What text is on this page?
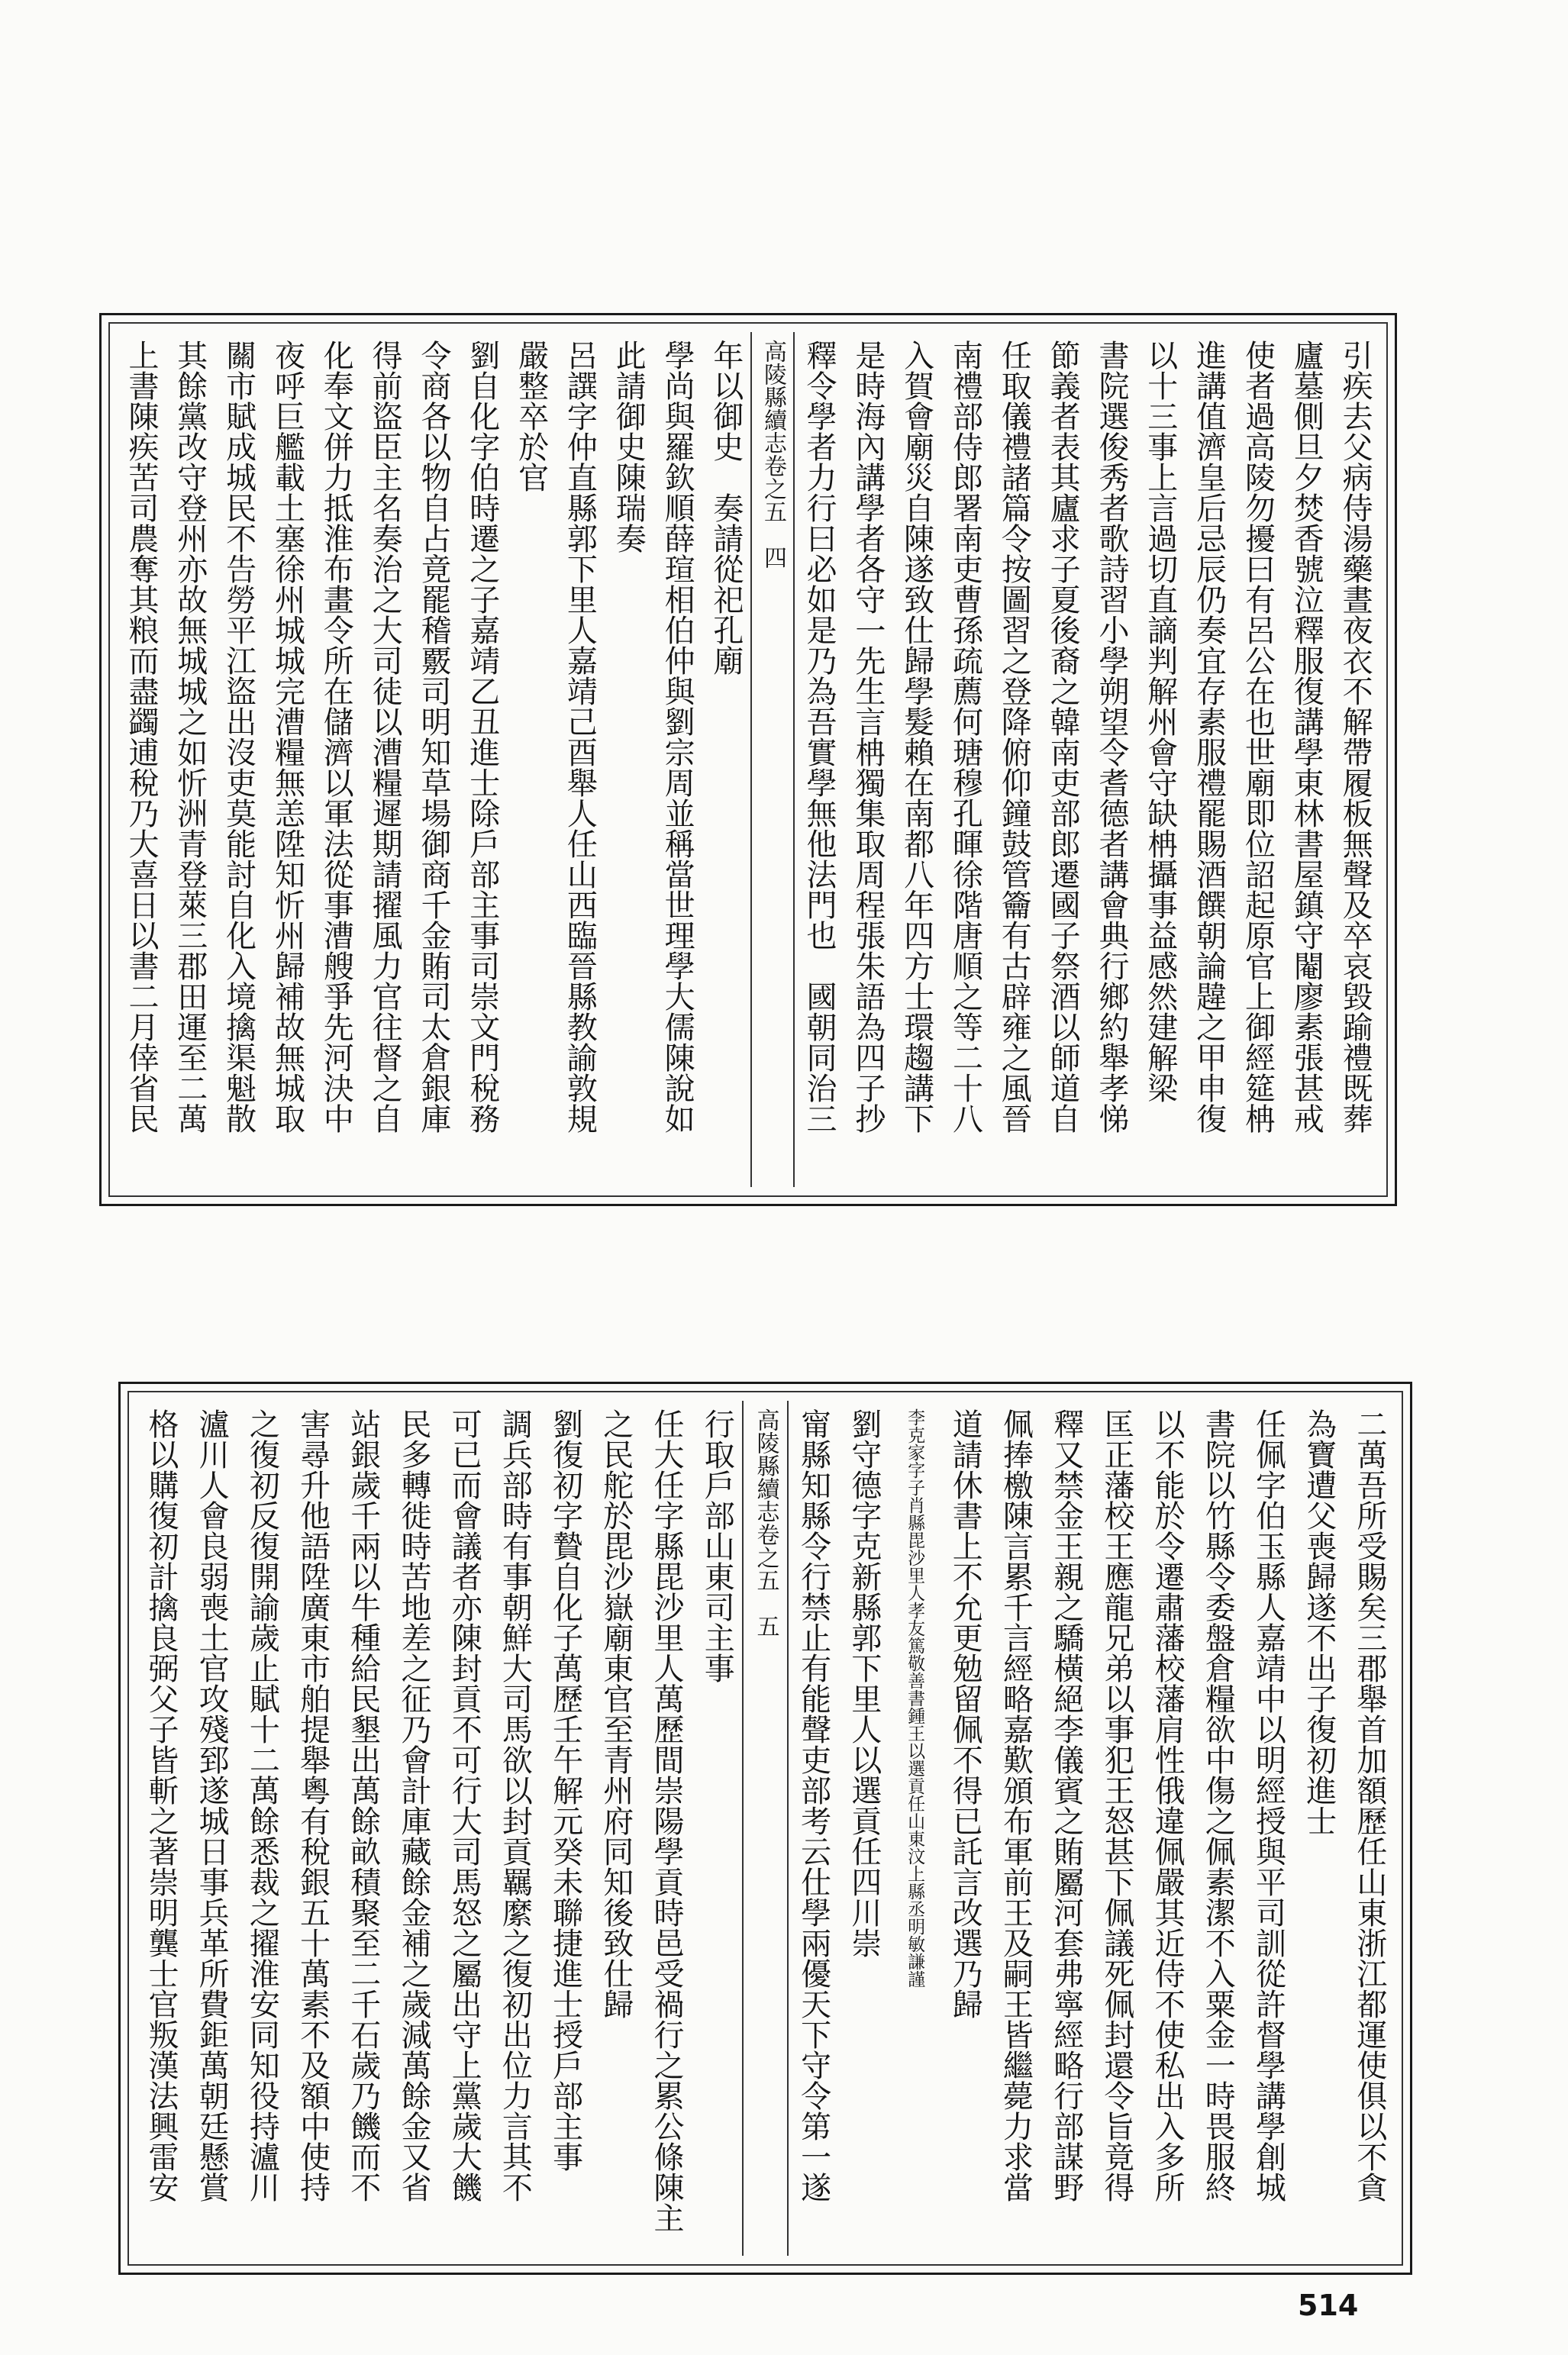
引疾去父病侍湯藥晝夜衣不解帶履板無聲及卒哀毀踰禮既葬
廬墓側旦夕焚香號泣釋服復講學東林書屋鎮守閹廖素張甚戒
使者過高陵勿擾曰有呂公在也世廟即位詔起原官上御經筵柟
進講值濟皇后忌辰仍奏宜存素服禮罷賜酒饌朝論韙之甲申復
以十三事上言過切直謫判解州會守缺柟攝事益感然建解梁
書院選俊秀者歌詩習小學朔望令耆德者講會典行鄉約舉孝悌
節義者表其廬求子夏後裔之韓南吏部郎遷國子祭酒以師道自
任取儀禮諸篇令按圖習之登降俯仰鐘鼓管籥有古辟雍之風晉
南禮部侍郎署南吏曹孫疏薦何瑭穆孔暉徐階唐順之等二十八
入賀會廟災自陳遂致仕歸學髮賴在南都八年四方士環趨講下
是時海內講學者各守一先生言柟獨集取周程張朱語為四子抄
釋令學者力行曰必如是乃為吾實學無他法門也　國朝同治三
高陵縣續志卷之五　四
年以御史　奏請從祀孔廟
學尚與羅欽順薛瑄相伯仲與劉宗周並稱當世理學大儒陳說如
此請御史陳瑞奏
呂譔字仲直縣郭下里人嘉靖己酉舉人任山西臨晉縣教諭敦規
嚴整卒於官
劉自化字伯時遷之子嘉靖乙丑進士除戶部主事司崇文門稅務
令商各以物自占竟罷稽覈司明知草場御商千金賄司太倉銀庫
得前盜臣主名奏治之大司徒以漕糧遲期請擢風力官往督之自
化奉文併力抵淮布畫令所在儲濟以軍法從事漕艘爭先河決中
夜呼巨艦載土塞徐州城城完漕糧無恙陞知忻州歸補故無城取
關市賦成城民不告勞平江盜出沒吏莫能討自化入境擒渠魁散
其餘黨改守登州亦故無城城之如忻洲青登萊三郡田運至二萬
上書陳疾苦司農奪其粮而盡蠲逋稅乃大喜日以書二月倖省民
二萬吾所受賜矣三郡舉首加額歷任山東浙江都運使俱以不貪
為寶遭父喪歸遂不出子復初進士
任佩字伯玉縣人嘉靖中以明經授與平司訓從許督學講學創城
書院以竹縣令委盤倉糧欲中傷之佩素潔不入粟金一時畏服終
以不能於令遷肅藩校藩肩性俄違佩嚴其近侍不使私出入多所
匡正藩校王應龍兄弟以事犯王怒甚下佩議死佩封還令旨竟得
釋又禁金王親之驕橫絕李儀賓之賄屬河套弗寧經略行部謀野
佩捧檄陳言累千言經略嘉歎頒布軍前王及嗣王皆繼薨力求當
道請休書上不允更勉留佩不得已託言改選乃歸
李克家字子肖縣毘沙里人孝友篤敬善書鍾王以選貢任山東汶上縣丞明敏謙謹
劉守德字克新縣郭下里人以選貢任四川崇
甯縣知縣令行禁止有能聲吏部考云仕學兩優天下守令第一遂
高陵縣續志卷之五　五
行取戶部山東司主事
任大任字縣毘沙里人萬歷間崇陽學貢時邑受禍行之累公條陳主
之民舵於毘沙嶽廟東官至青州府同知後致仕歸
劉復初字贄自化子萬歷壬午解元癸未聯捷進士授戶部主事
調兵部時有事朝鮮大司馬欲以封貢羈縻之復初出位力言其不
可已而會議者亦陳封貢不可行大司馬怒之屬出守上黨歲大饑
民多轉徙時苦地差之征乃會計庫藏餘金補之歲減萬餘金又省
站銀歲千兩以牛種給民墾出萬餘畝積聚至二千石歲乃饑而不
害尋升他語陞廣東市舶提舉粵有稅銀五十萬素不及額中使持
之復初反復開諭歲止賦十二萬餘悉裁之擢淮安同知役持瀘川
瀘川人會良弱喪土官攻殘郅遂城日事兵革所費鉅萬朝廷懸賞
格以購復初計擒良弼父子皆斬之著崇明龔士官叛漢法興雷安
514
